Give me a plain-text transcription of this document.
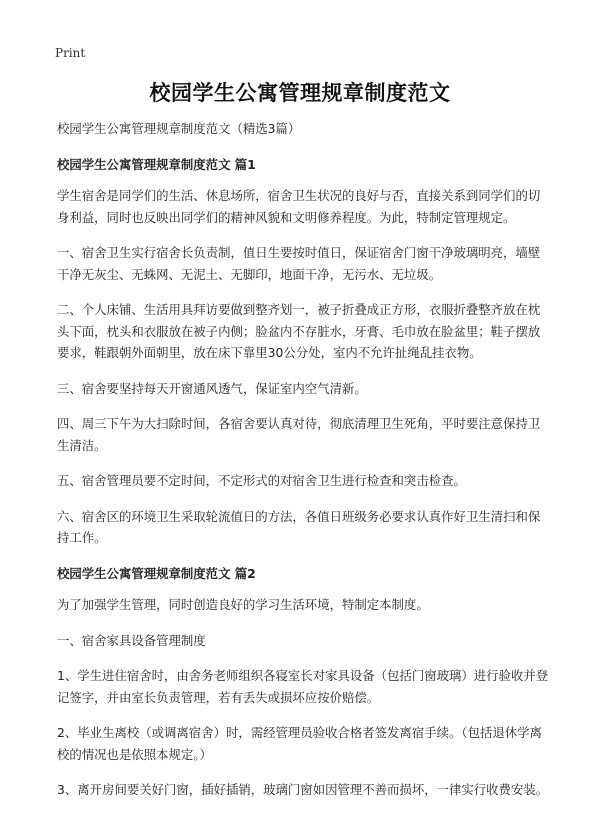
Print
校园学生公寓管理规章制度范文

校园学生公寓管理规章制度范文（精选3篇）

校园学生公寓管理规章制度范文 篇1

学生宿舍是同学们的生活、休息场所，宿舍卫生状况的良好与否，直接关系到同学们的切身利益，同时也反映出同学们的精神风貌和文明修养程度。为此，特制定管理规定。

一、宿舍卫生实行宿舍长负责制，值日生要按时值日，保证宿舍门窗干净玻璃明亮，墙壁干净无灰尘、无蛛网、无泥土、无脚印，地面干净，无污水、无垃圾。

二、个人床铺、生活用具拜访要做到整齐划一，被子折叠成正方形，衣服折叠整齐放在枕头下面，枕头和衣服放在被子内侧；脸盆内不存脏水，牙膏、毛巾放在脸盆里；鞋子摆放要求，鞋跟朝外面朝里，放在床下靠里30公分处，室内不允许扯绳乱挂衣物。

三、宿舍要坚持每天开窗通风透气，保证室内空气清新。

四、周三下午为大扫除时间，各宿舍要认真对待，彻底清理卫生死角，平时要注意保持卫生清洁。

五、宿舍管理员要不定时间，不定形式的对宿舍卫生进行检查和突击检查。

六、宿舍区的环境卫生采取轮流值日的方法，各值日班级务必要求认真作好卫生清扫和保持工作。

校园学生公寓管理规章制度范文 篇2

为了加强学生管理，同时创造良好的学习生活环境，特制定本制度。

一、宿舍家具设备管理制度

1、学生进住宿舍时，由舍务老师组织各寝室长对家具设备（包括门窗玻璃）进行验收并登记签字，并由室长负责管理，若有丢失或损坏应按价赔偿。

2、毕业生离校（或调离宿舍）时，需经管理员验收合格者签发离宿手续。（包括退休学离校的情况也是依照本规定。）

3、离开房间要关好门窗，插好插销，玻璃门窗如因管理不善而损坏，一律实行收费安装。
